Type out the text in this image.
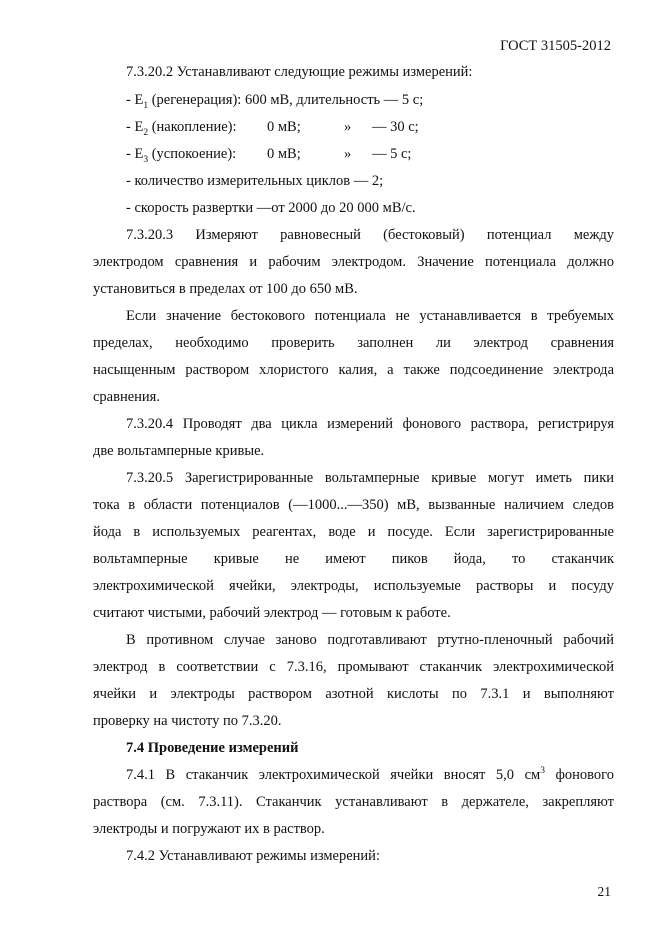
ГОСТ 31505-2012
7.3.20.2 Устанавливают следующие режимы измерений:
- $E_1$ (регенерация): 600 мВ, длительность — 5 с;
- $E_2$ (накопление): 0 мВ;	» — 30 с;
- $E_3$ (успокоение): 0 мВ;	» — 5 с;
- количество измерительных циклов — 2;
- скорость развертки —от 2000 до 20 000 мВ/с.
7.3.20.3 Измеряют равновесный (бестоковый) потенциал между
электродом сравнения и рабочим электродом. Значение потенциала должно
установиться в пределах от 100 до 650 мВ.
Если значение бестокового потенциала не устанавливается в требуемых
пределах, необходимо проверить заполнен ли электрод сравнения
насыщенным раствором хлористого калия, а также подсоединение электрода
сравнения.
7.3.20.4 Проводят два цикла измерений фонового раствора, регистрируя
две вольтамперные кривые.
7.3.20.5 Зарегистрированные вольтамперные кривые могут иметь пики
тока в области потенциалов (—1000...—350) мВ, вызванные наличием следов
йода в используемых реагентах, воде и посуде. Если зарегистрированные
вольтамперные кривые не имеют пиков йода, то стаканчик
электрохимической ячейки, электроды, используемые растворы и посуду
считают чистыми, рабочий электрод — готовым к работе.
В противном случае заново подготавливают ртутно-пленочный рабочий
электрод в соответствии с 7.3.16, промывают стаканчик электрохимической
ячейки и электроды раствором азотной кислоты по 7.3.1 и выполняют
проверку на чистоту по 7.3.20.
7.4 Проведение измерений
7.4.1 В стаканчик электрохимической ячейки вносят 5,0 $см^3$ фонового
раствора (см. 7.3.11). Стаканчик устанавливают в держателе, закрепляют
электроды и погружают их в раствор.
7.4.2 Устанавливают режимы измерений:
21
